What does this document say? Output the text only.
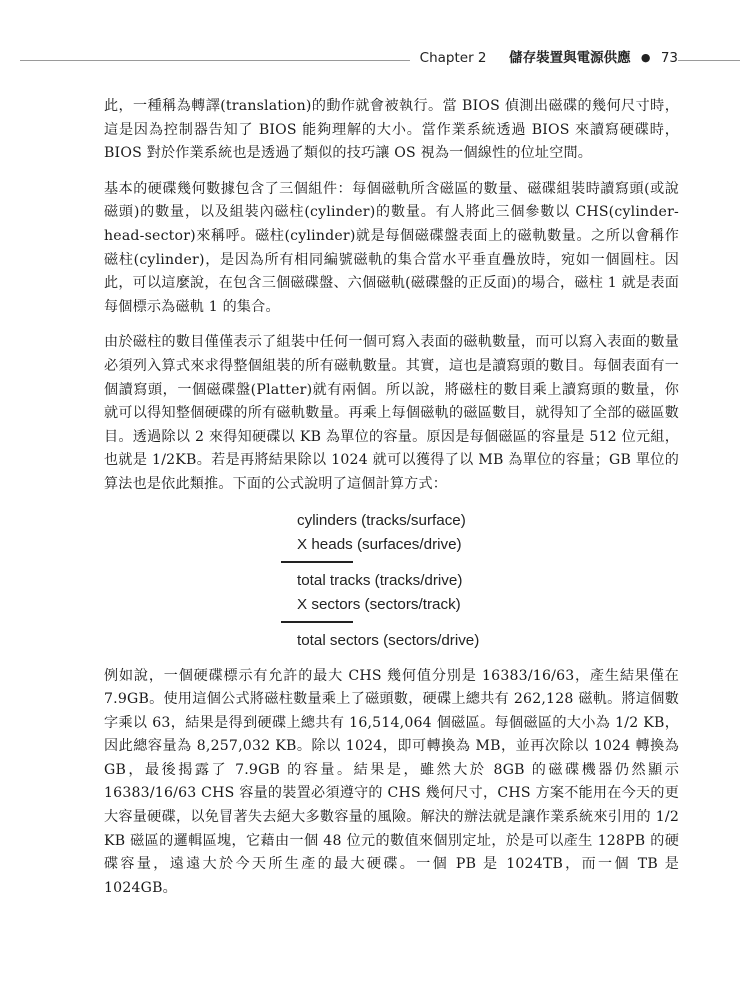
Chapter 2 儲存裝置與電源供應 ● 73

此，一種稱為轉譯(translation)的動作就會被執行。當 BIOS 偵測出磁碟的幾何尺寸時，這是因為控制器告知了 BIOS 能夠理解的大小。當作業系統透過 BIOS 來讀寫硬碟時，BIOS 對於作業系統也是透過了類似的技巧讓 OS 視為一個線性的位址空間。

基本的硬碟幾何數據包含了三個組件：每個磁軌所含磁區的數量、磁碟組裝時讀寫頭(或說磁頭)的數量，以及組裝內磁柱(cylinder)的數量。有人將此三個參數以 CHS(cylinder-head-sector)來稱呼。磁柱(cylinder)就是每個磁碟盤表面上的磁軌數量。之所以會稱作磁柱(cylinder)，是因為所有相同編號磁軌的集合當水平垂直疊放時，宛如一個圓柱。因此，可以這麼說，在包含三個磁碟盤、六個磁軌(磁碟盤的正反面)的場合，磁柱 1 就是表面每個標示為磁軌 1 的集合。

由於磁柱的數目僅僅表示了組裝中任何一個可寫入表面的磁軌數量，而可以寫入表面的數量必須列入算式來求得整個組裝的所有磁軌數量。其實，這也是讀寫頭的數目。每個表面有一個讀寫頭，一個磁碟盤(Platter)就有兩個。所以說，將磁柱的數目乘上讀寫頭的數量，你就可以得知整個硬碟的所有磁軌數量。再乘上每個磁軌的磁區數目，就得知了全部的磁區數目。透過除以 2 來得知硬碟以 KB 為單位的容量。原因是每個磁區的容量是 512 位元組，也就是 1/2KB。若是再將結果除以 1024 就可以獲得了以 MB 為單位的容量；GB 單位的算法也是依此類推。下面的公式說明了這個計算方式：

cylinders (tracks/surface)
X heads (surfaces/drive)
total tracks (tracks/drive)
X sectors (sectors/track)
total sectors (sectors/drive)

例如說，一個硬碟標示有允許的最大 CHS 幾何值分別是 16383/16/63，產生結果僅在 7.9GB。使用這個公式將磁柱數量乘上了磁頭數，硬碟上總共有 262,128 磁軌。將這個數字乘以 63，結果是得到硬碟上總共有 16,514,064 個磁區。每個磁區的大小為 1/2 KB，因此總容量為 8,257,032 KB。除以 1024，即可轉換為 MB，並再次除以 1024 轉換為 GB，最後揭露了 7.9GB 的容量。結果是，雖然大於 8GB 的磁碟機器仍然顯示 16383/16/63 CHS 容量的裝置必須遵守的 CHS 幾何尺寸，CHS 方案不能用在今天的更大容量硬碟，以免冒著失去絕大多數容量的風險。解決的辦法就是讓作業系統來引用的 1/2 KB 磁區的邏輯區塊，它藉由一個 48 位元的數值來個別定址，於是可以產生 128PB 的硬碟容量，遠遠大於今天所生產的最大硬碟。一個 PB 是 1024TB，而一個 TB 是 1024GB。
